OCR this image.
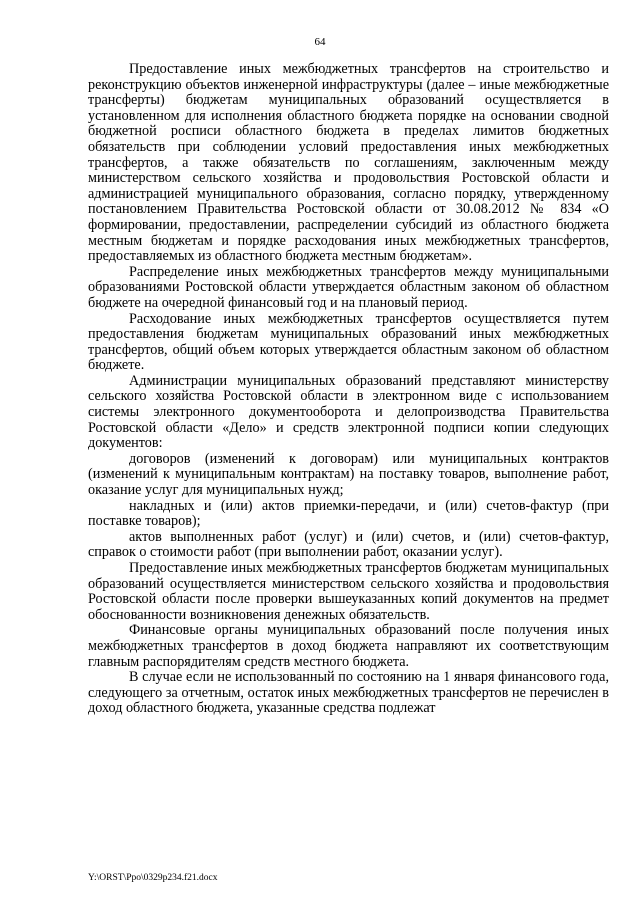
64

Предоставление иных межбюджетных трансфертов на строительство и реконструкцию объектов инженерной инфраструктуры (далее – иные межбюджетные трансферты) бюджетам муниципальных образований осуществляется в установленном для исполнения областного бюджета порядке на основании сводной бюджетной росписи областного бюджета в пределах лимитов бюджетных обязательств при соблюдении условий предоставления иных межбюджетных трансфертов, а также обязательств по соглашениям, заключенным между министерством сельского хозяйства и продовольствия Ростовской области и администрацией муниципального образования, согласно порядку, утвержденному постановлением Правительства Ростовской области от 30.08.2012 № 834 «О формировании, предоставлении, распределении субсидий из областного бюджета местным бюджетам и порядке расходования иных межбюджетных трансфертов, предоставляемых из областного бюджета местным бюджетам».

Распределение иных межбюджетных трансфертов между муниципальными образованиями Ростовской области утверждается областным законом об областном бюджете на очередной финансовый год и на плановый период.

Расходование иных межбюджетных трансфертов осуществляется путем предоставления бюджетам муниципальных образований иных межбюджетных трансфертов, общий объем которых утверждается областным законом об областном бюджете.

Администрации муниципальных образований представляют министерству сельского хозяйства Ростовской области в электронном виде с использованием системы электронного документооборота и делопроизводства Правительства Ростовской области «Дело» и средств электронной подписи копии следующих документов:

договоров (изменений к договорам) или муниципальных контрактов (изменений к муниципальным контрактам) на поставку товаров, выполнение работ, оказание услуг для муниципальных нужд;

накладных и (или) актов приемки-передачи, и (или) счетов-фактур (при поставке товаров);

актов выполненных работ (услуг) и (или) счетов, и (или) счетов-фактур, справок о стоимости работ (при выполнении работ, оказании услуг).

Предоставление иных межбюджетных трансфертов бюджетам муниципальных образований осуществляется министерством сельского хозяйства и продовольствия Ростовской области после проверки вышеуказанных копий документов на предмет обоснованности возникновения денежных обязательств.

Финансовые органы муниципальных образований после получения иных межбюджетных трансфертов в доход бюджета направляют их соответствующим главным распорядителям средств местного бюджета.

В случае если не использованный по состоянию на 1 января финансового года, следующего за отчетным, остаток иных межбюджетных трансфертов не перечислен в доход областного бюджета, указанные средства подлежат

Y:\ORST\Ppo\0329p234.f21.docx
